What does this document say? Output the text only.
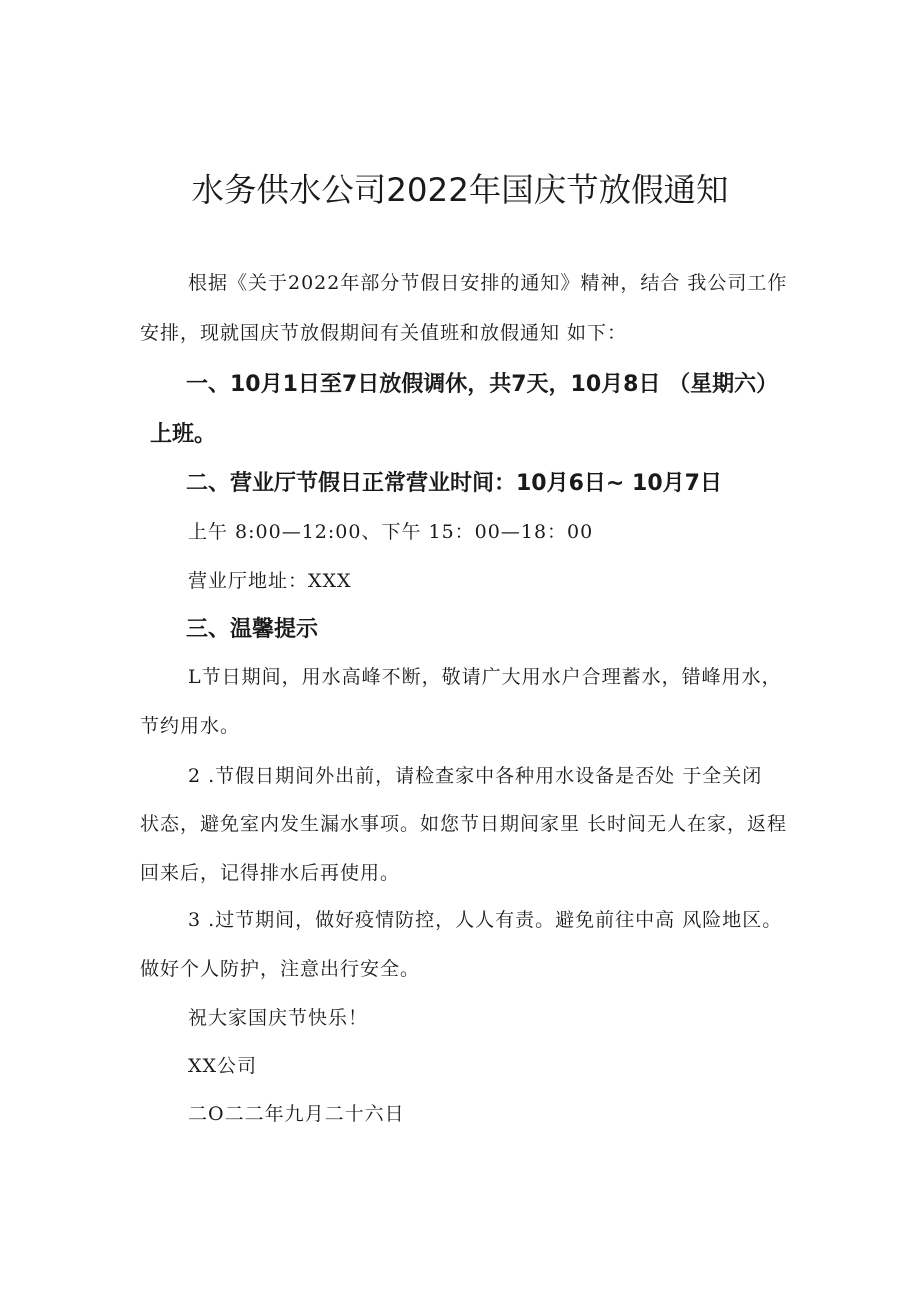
水务供水公司2022年国庆节放假通知

根据《关于2022年部分节假日安排的通知》精神，结合 我公司工作

安排，现就国庆节放假期间有关值班和放假通知 如下：

一、10月1日至7日放假调休，共7天，10月8日 （星期六）

上班。

二、营业厅节假日正常营业时间：10月6日~ 10月7日

上午 8:00—12:00、下午 15：00—18：00

营业厅地址：XXX

三、温馨提示

L节日期间，用水高峰不断，敬请广大用水户合理蓄水，错峰用水，

节约用水。

2 .节假日期间外出前，请检查家中各种用水设备是否处 于全关闭

状态，避免室内发生漏水事项。如您节日期间家里 长时间无人在家，返程

回来后，记得排水后再使用。

3 .过节期间，做好疫情防控，人人有责。避免前往中高 风险地区。

做好个人防护，注意出行安全。

祝大家国庆节快乐！

XX公司

二O二二年九月二十六日
